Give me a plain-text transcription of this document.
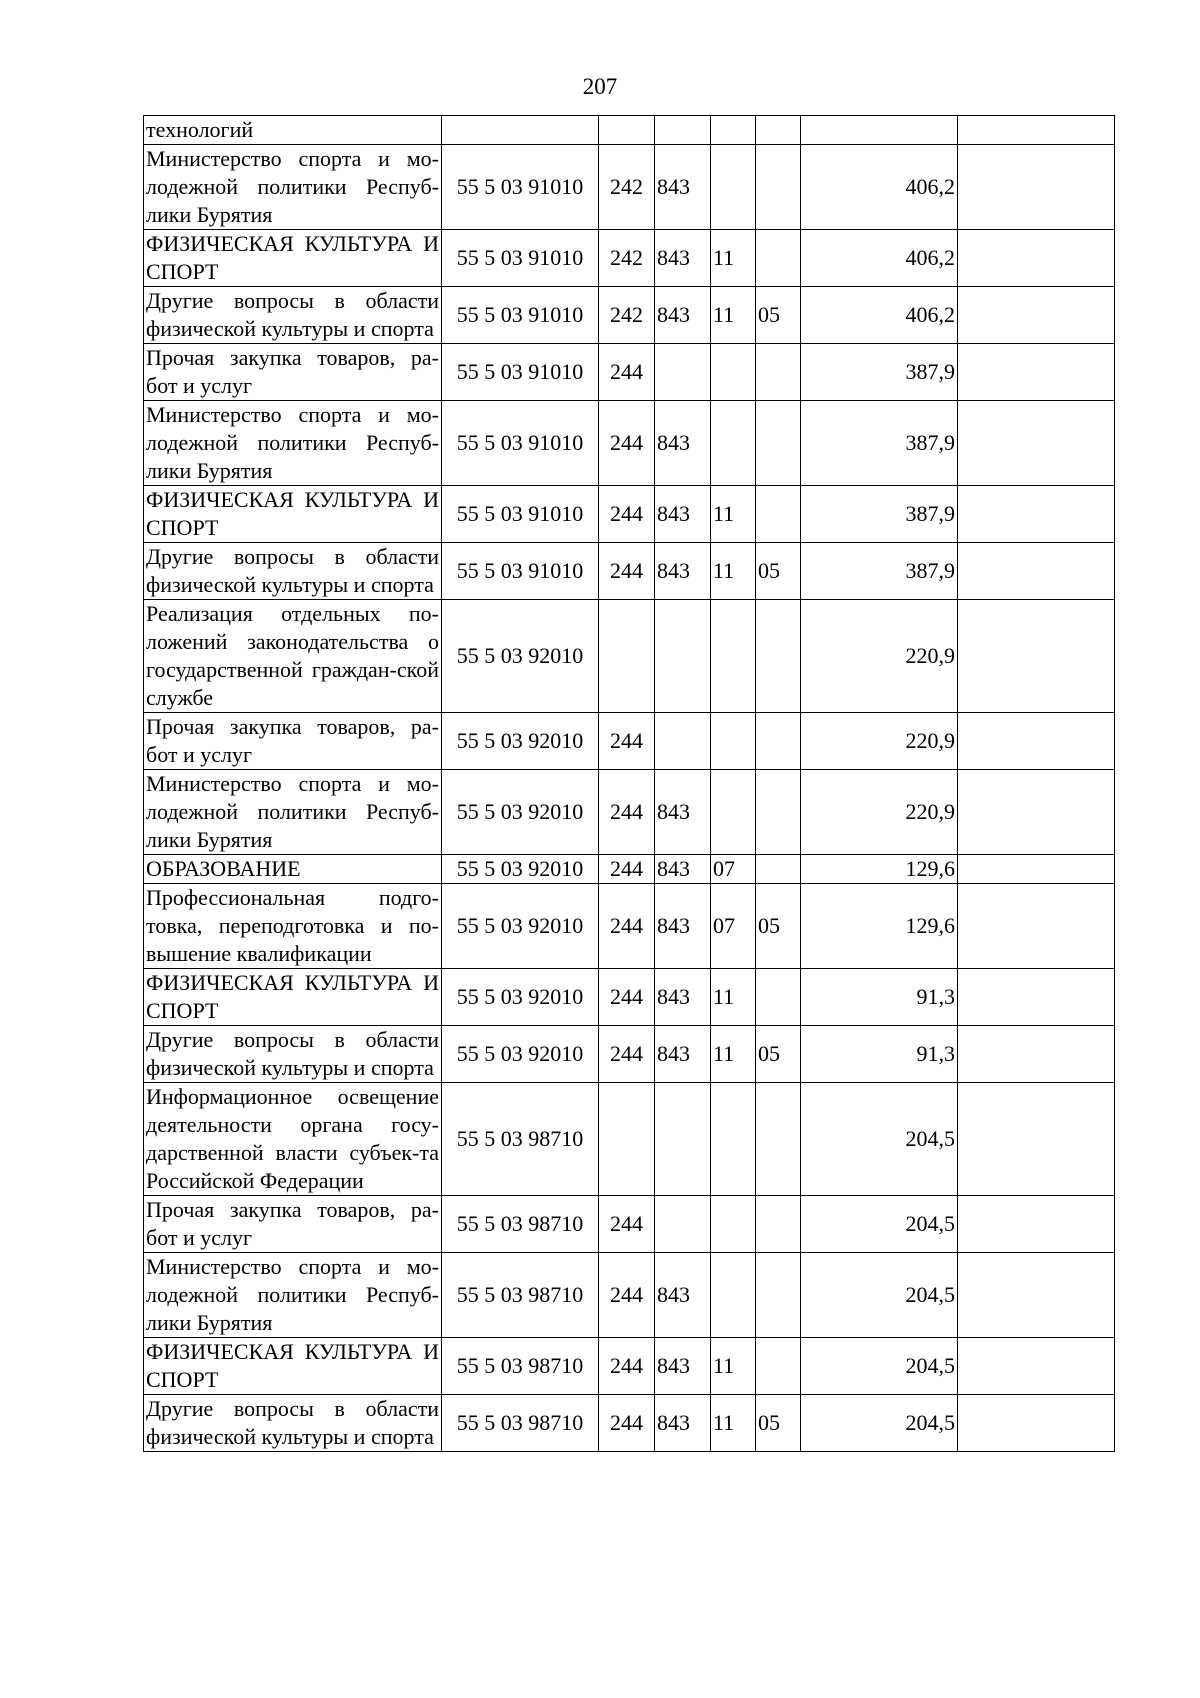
207
технологий							
Министерство спорта и мо-лодежной политики Респуб-лики Бурятия	55 5 03 91010	242	843			406,2	
ФИЗИЧЕСКАЯ КУЛЬТУРА И СПОРТ	55 5 03 91010	242	843	11		406,2	
Другие вопросы в области физической культуры и спорта	55 5 03 91010	242	843	11	05	406,2	
Прочая закупка товаров, ра-бот и услуг	55 5 03 91010	244				387,9	
Министерство спорта и мо-лодежной политики Респуб-лики Бурятия	55 5 03 91010	244	843			387,9	
ФИЗИЧЕСКАЯ КУЛЬТУРА И СПОРТ	55 5 03 91010	244	843	11		387,9	
Другие вопросы в области физической культуры и спорта	55 5 03 91010	244	843	11	05	387,9	
Реализация отдельных по-ложений законодательства о государственной граждан-ской службе	55 5 03 92010					220,9	
Прочая закупка товаров, ра-бот и услуг	55 5 03 92010	244				220,9	
Министерство спорта и мо-лодежной политики Респуб-лики Бурятия	55 5 03 92010	244	843			220,9	
ОБРАЗОВАНИЕ	55 5 03 92010	244	843	07		129,6	
Профессиональная подго-товка, переподготовка и по-вышение квалификации	55 5 03 92010	244	843	07	05	129,6	
ФИЗИЧЕСКАЯ КУЛЬТУРА И СПОРТ	55 5 03 92010	244	843	11		91,3	
Другие вопросы в области физической культуры и спорта	55 5 03 92010	244	843	11	05	91,3	
Информационное освещение деятельности органа госу-дарственной власти субъек-та Российской Федерации	55 5 03 98710					204,5	
Прочая закупка товаров, ра-бот и услуг	55 5 03 98710	244				204,5	
Министерство спорта и мо-лодежной политики Респуб-лики Бурятия	55 5 03 98710	244	843			204,5	
ФИЗИЧЕСКАЯ КУЛЬТУРА И СПОРТ	55 5 03 98710	244	843	11		204,5	
Другие вопросы в области физической культуры и спорта	55 5 03 98710	244	843	11	05	204,5	
